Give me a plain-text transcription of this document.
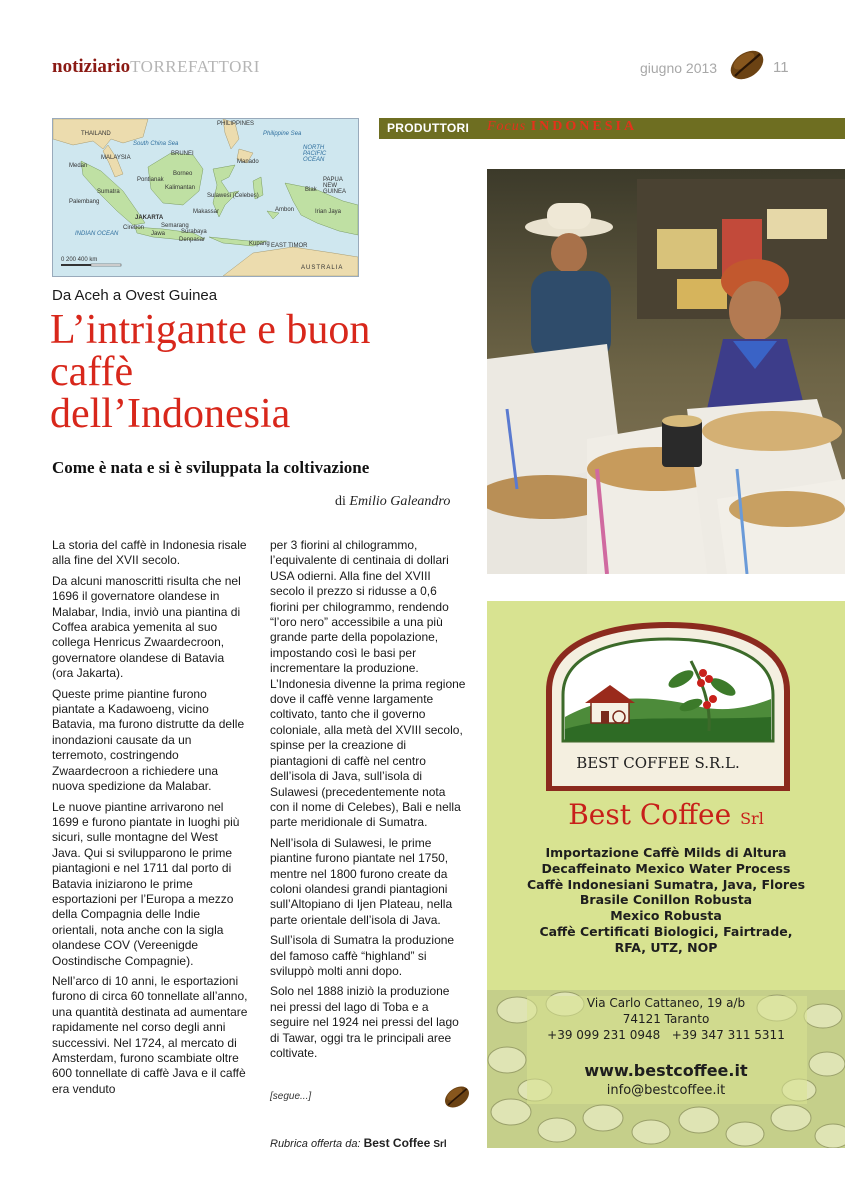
notiziarioTORREFATTORI	giugno 2013	11
THAILAND
PHILIPPINES
MALAYSIA
BRUNEI
Medan
Sumatra
Palembang
Borneo
Kalimantan
Sulawesi (Celebes)
Makassar
JAKARTA
Semarang
Surabaya
Denpasar
Cirebon
Jawa
Kupang EAST TIMOR
Ambon	Irian Jaya
PAPUA NEW GUINEA
Pontianak
Manado
Biak
South China Sea
Philippine Sea
NORTH PACIFIC OCEAN
INDIAN OCEAN
AUSTRALIA
0 200 400 km
PRODUTTORI Focus INDONESIA
Da Aceh a Ovest Guinea
L’intrigante e buon caffè dell’Indonesia
Come è nata e si è sviluppata la coltivazione
di Emilio Galeandro

La storia del caffè in Indonesia risale alla fine del XVII secolo.

Da alcuni manoscritti risulta che nel 1696 il governatore olandese in Malabar, India, inviò una piantina di Coffea arabica yemenita al suo collega Henricus Zwaardecroon, governatore olandese di Batavia (ora Jakarta).

Queste prime piantine furono piantate a Kadawoeng, vicino Batavia, ma furono distrutte da delle inondazioni causate da un terremoto, costringendo Zwaardecroon a richiedere una nuova spedizione da Malabar.

Le nuove piantine arrivarono nel 1699 e furono piantate in luoghi più sicuri, sulle montagne del West Java. Qui si svilupparono le prime piantagioni e nel 1711 dal porto di Batavia iniziarono le prime esportazioni per l’Europa a mezzo della Compagnia delle Indie orientali, nota anche con la sigla olandese COV (Vereenigde Oostindische Compagnie).

Nell’arco di 10 anni, le esportazioni furono di circa 60 tonnellate all’anno, una quantità destinata ad aumentare rapidamente nel corso degli anni successivi. Nel 1724, al mercato di Amsterdam, furono scambiate oltre 600 tonnellate di caffè Java e il caffè era venduto

per 3 fiorini al chilogrammo, l’equivalente di centinaia di dollari USA odierni. Alla fine del XVIII secolo il prezzo si ridusse a 0,6 fiorini per chilogrammo, rendendo “l’oro nero” accessibile a una più grande parte della popolazione, impostando così le basi per incrementare la produzione. L’Indonesia divenne la prima regione dove il caffè venne largamente coltivato, tanto che il governo coloniale, alla metà del XVIII secolo, spinse per la creazione di piantagioni di caffè nel centro dell’isola di Java, sull’isola di Sulawesi (precedentemente nota con il nome di Celebes), Bali e nella parte meridionale di Sumatra.

Nell’isola di Sulawesi, le prime piantine furono piantate nel 1750, mentre nel 1800 furono create da coloni olandesi grandi piantagioni sull’Altopiano di Ijen Plateau, nella parte orientale dell’isola di Java.

Sull’isola di Sumatra la produzione del famoso caffè “highland” si sviluppò molti anni dopo.

Solo nel 1888 iniziò la produzione nei pressi del lago di Toba e a seguire nel 1924 nei pressi del lago di Tawar, oggi tra le principali aree coltivate.

[segue...]
Rubrica offerta da: Best Coffee Srl
BEST COFFEE S.R.L.
Best Coffee Srl
Importazione Caffè Milds di Altura
Decaffeinato Mexico Water Process
Caffè Indonesiani Sumatra, Java, Flores
Brasile Conillon Robusta
Mexico Robusta
Caffè Certificati Biologici, Fairtrade,
RFA, UTZ, NOP
Via Carlo Cattaneo, 19 a/b
74121 Taranto
+39 099 231 0948   +39 347 311 5311
www.bestcoffee.it
info@bestcoffee.it
